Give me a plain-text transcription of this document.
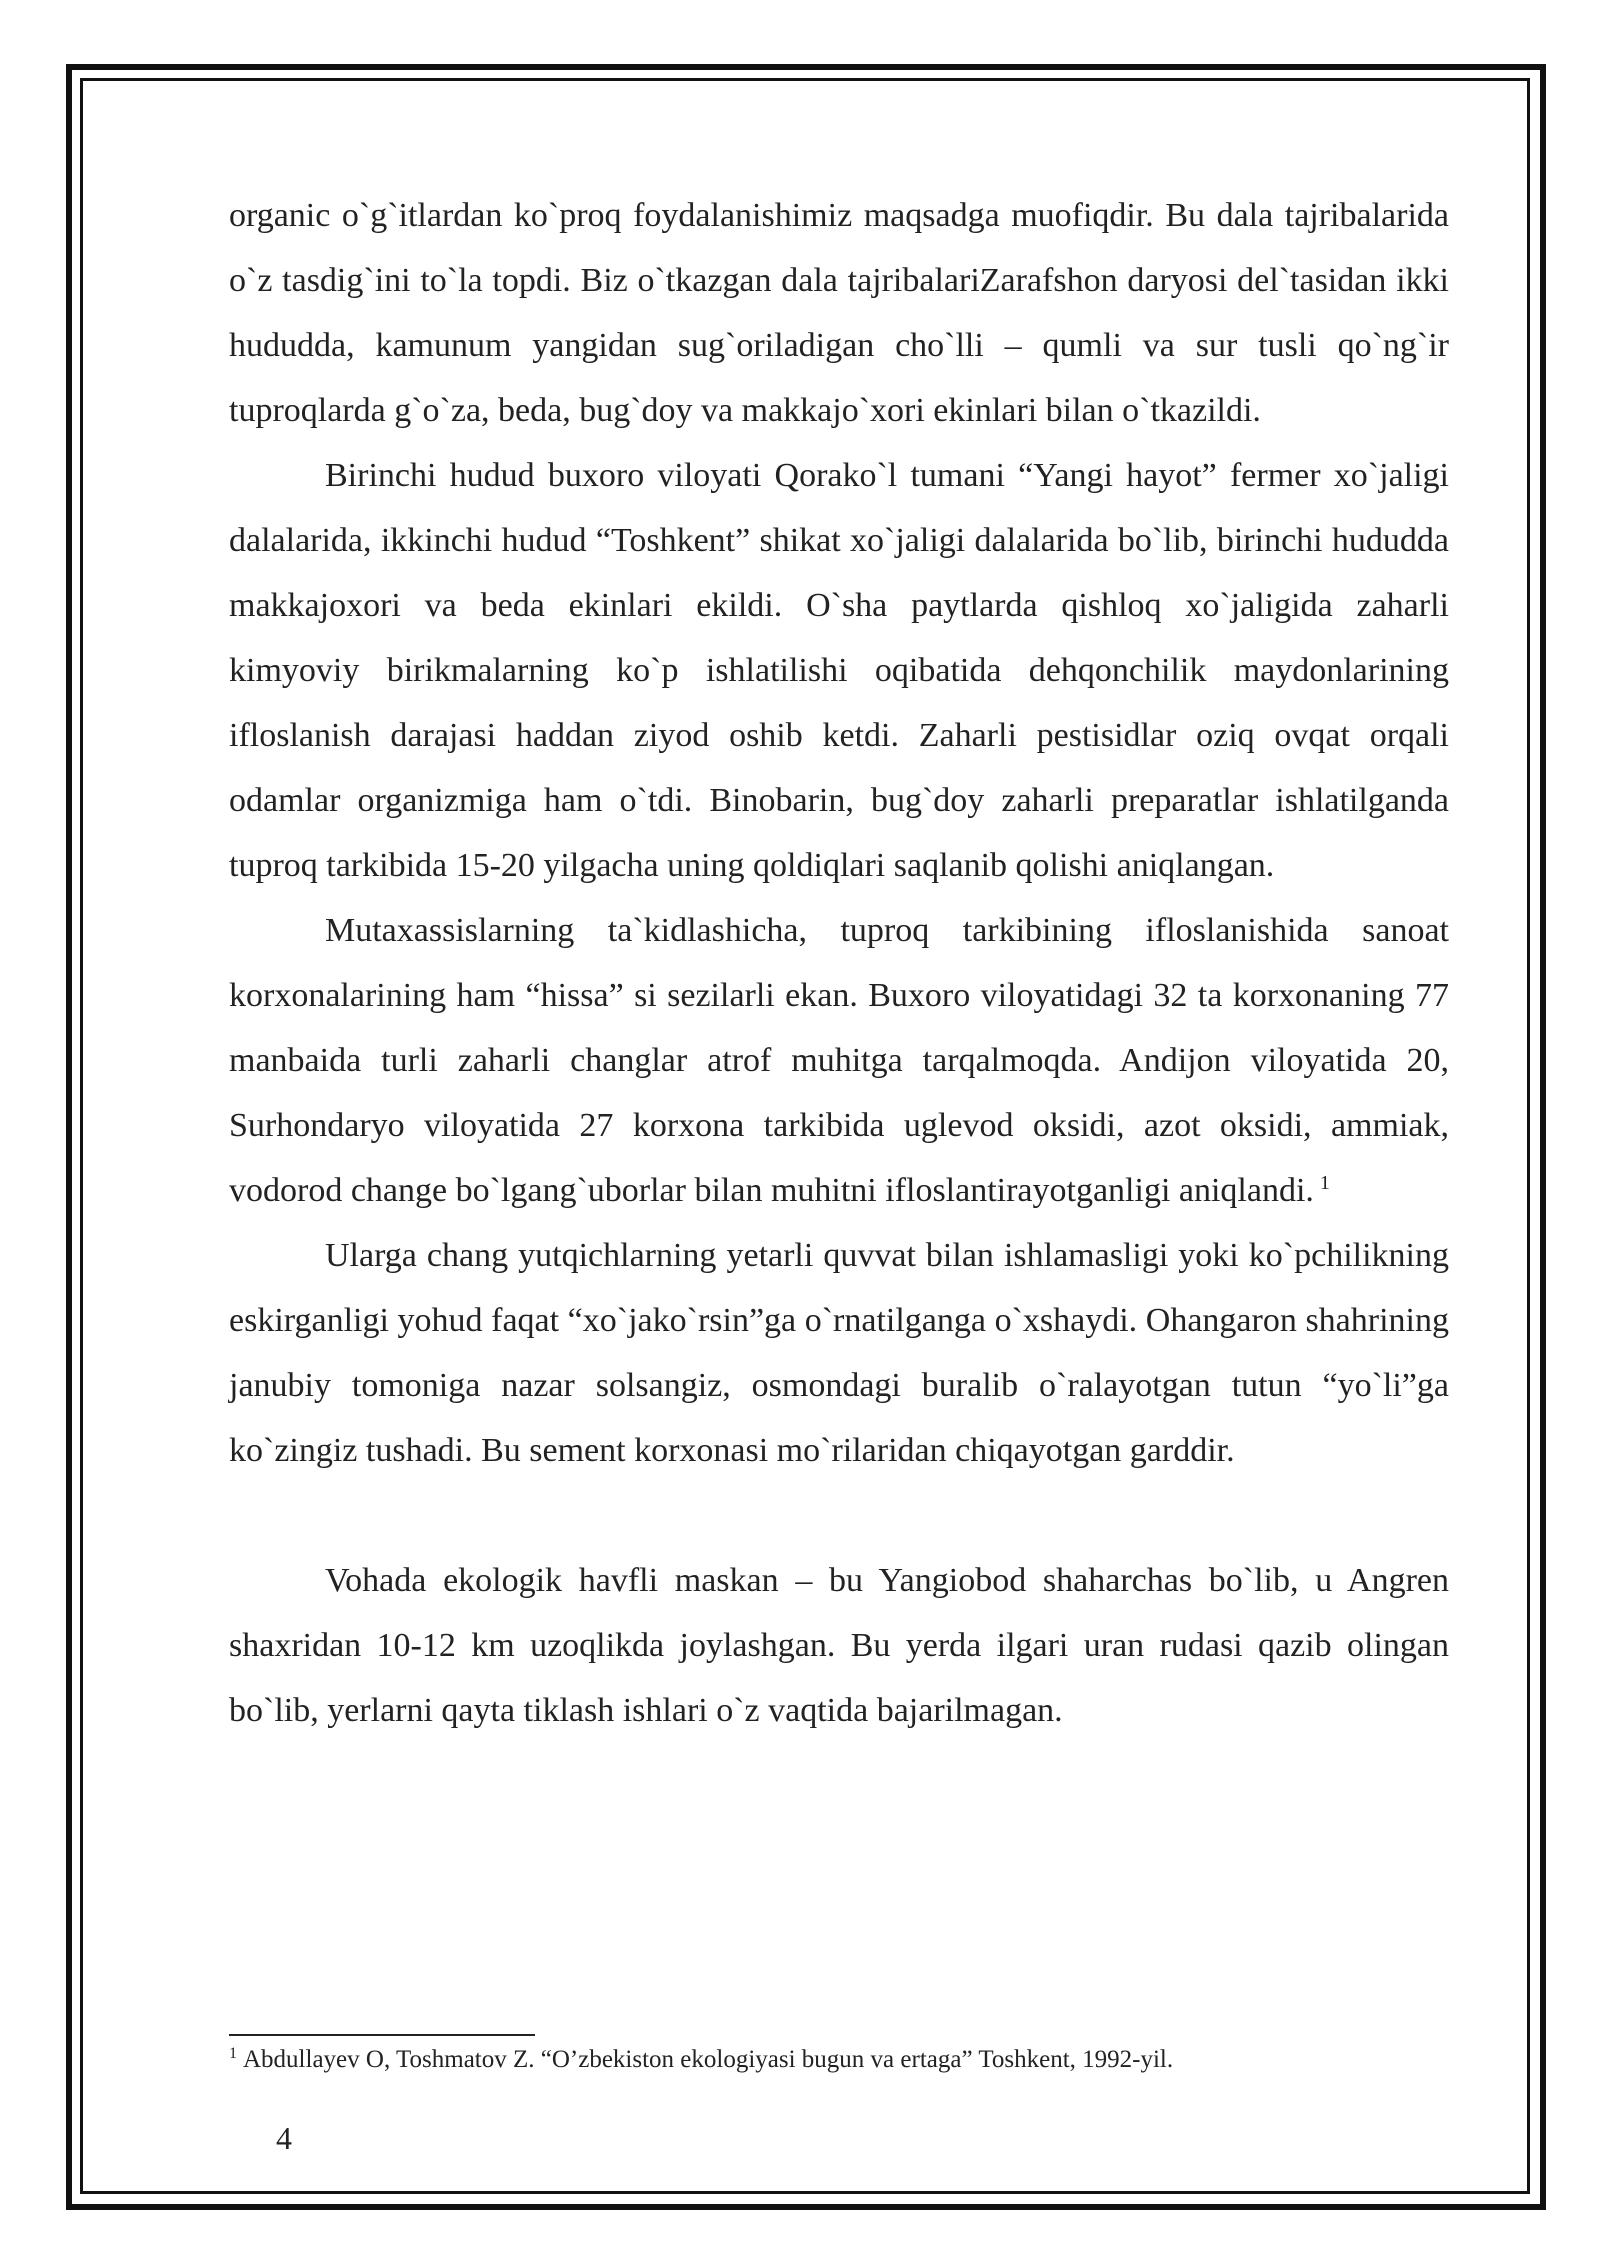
organic o`g`itlardan ko`proq foydalanishimiz maqsadga muofiqdir. Bu dala tajribalarida o`z tasdig`ini to`la topdi. Biz o`tkazgan dala tajribalariZarafshon daryosi del`tasidan ikki hududda, kamunum yangidan sug`oriladigan cho`lli – qumli va sur tusli qo`ng`ir tuproqlarda g`o`za, beda, bug`doy va makkajo`xori ekinlari bilan o`tkazildi.

Birinchi hudud buxoro viloyati Qorako`l tumani “Yangi hayot” fermer xo`jaligi dalalarida, ikkinchi hudud “Toshkent” shikat xo`jaligi dalalarida bo`lib, birinchi hududda makkajoxori va beda ekinlari ekildi. O`sha paytlarda qishloq xo`jaligida zaharli kimyoviy birikmalarning ko`p ishlatilishi oqibatida dehqonchilik maydonlarining ifloslanish darajasi haddan ziyod oshib ketdi. Zaharli pestisidlar oziq ovqat orqali odamlar organizmiga ham o`tdi. Binobarin, bug`doy zaharli preparatlar ishlatilganda tuproq tarkibida 15-20 yilgacha uning qoldiqlari saqlanib qolishi aniqlangan.

Mutaxassislarning ta`kidlashicha, tuproq tarkibining ifloslanishida sanoat korxonalarining ham “hissa” si sezilarli ekan. Buxoro viloyatidagi 32 ta korxonaning 77 manbaida turli zaharli changlar atrof muhitga tarqalmoqda. Andijon viloyatida 20, Surhondaryo viloyatida 27 korxona tarkibida uglevod oksidi, azot oksidi, ammiak, vodorod change bo`lgang`uborlar bilan muhitni ifloslantirayotganligi aniqlandi. $^1$

Ularga chang yutqichlarning yetarli quvvat bilan ishlamasligi yoki ko`pchilikning eskirganligi yohud faqat “xo`jako`rsin”ga o`rnatilganga o`xshaydi. Ohangaron shahrining janubiy tomoniga nazar solsangiz, osmondagi buralib o`ralayotgan tutun “yo`li”ga ko`zingiz tushadi. Bu sement korxonasi mo`rilaridan chiqayotgan garddir.

Vohada ekologik havfli maskan – bu Yangiobod shaharchas bo`lib, u Angren shaxridan 10-12 km uzoqlikda joylashgan. Bu yerda ilgari uran rudasi qazib olingan bo`lib, yerlarni qayta tiklash ishlari o`z vaqtida bajarilmagan.

$^1$ Abdullayev O, Toshmatov Z. “O’zbekiston ekologiyasi bugun va ertaga” Toshkent, 1992-yil.

4
